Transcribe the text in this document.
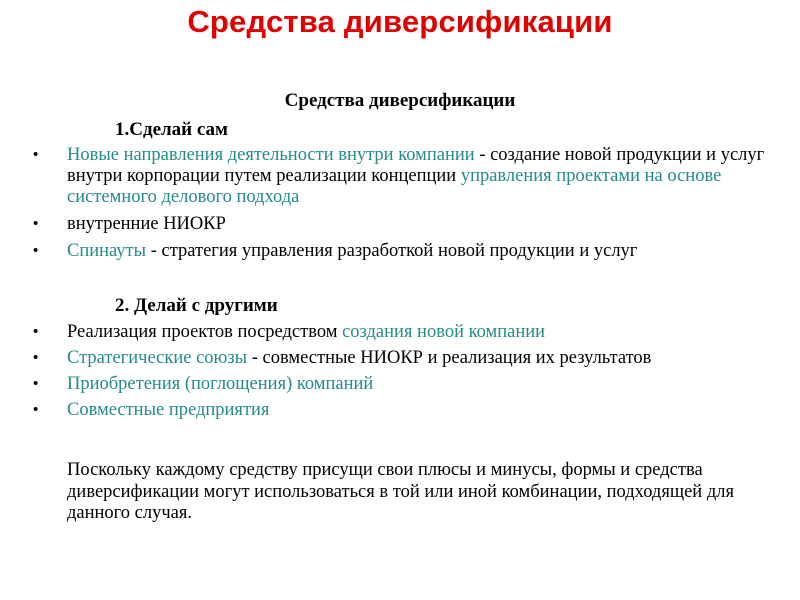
Средства диверсификации
Средства диверсификации
1.Сделай сам
• Новые направления деятельности внутри компании - создание новой продукции и услуг внутри корпорации путем реализации концепции управления проектами на основе системного делового подхода
• внутренние НИОКР
• Спинауты - стратегия управления разработкой новой продукции и услуг
2. Делай с другими
• Реализация проектов посредством создания новой компании
• Стратегические союзы - совместные НИОКР и реализация их результатов
• Приобретения (поглощения) компаний
• Совместные предприятия
Поскольку каждому средству присущи свои плюсы и минусы, формы и средства диверсификации могут использоваться в той или иной комбинации, подходящей для данного случая.
